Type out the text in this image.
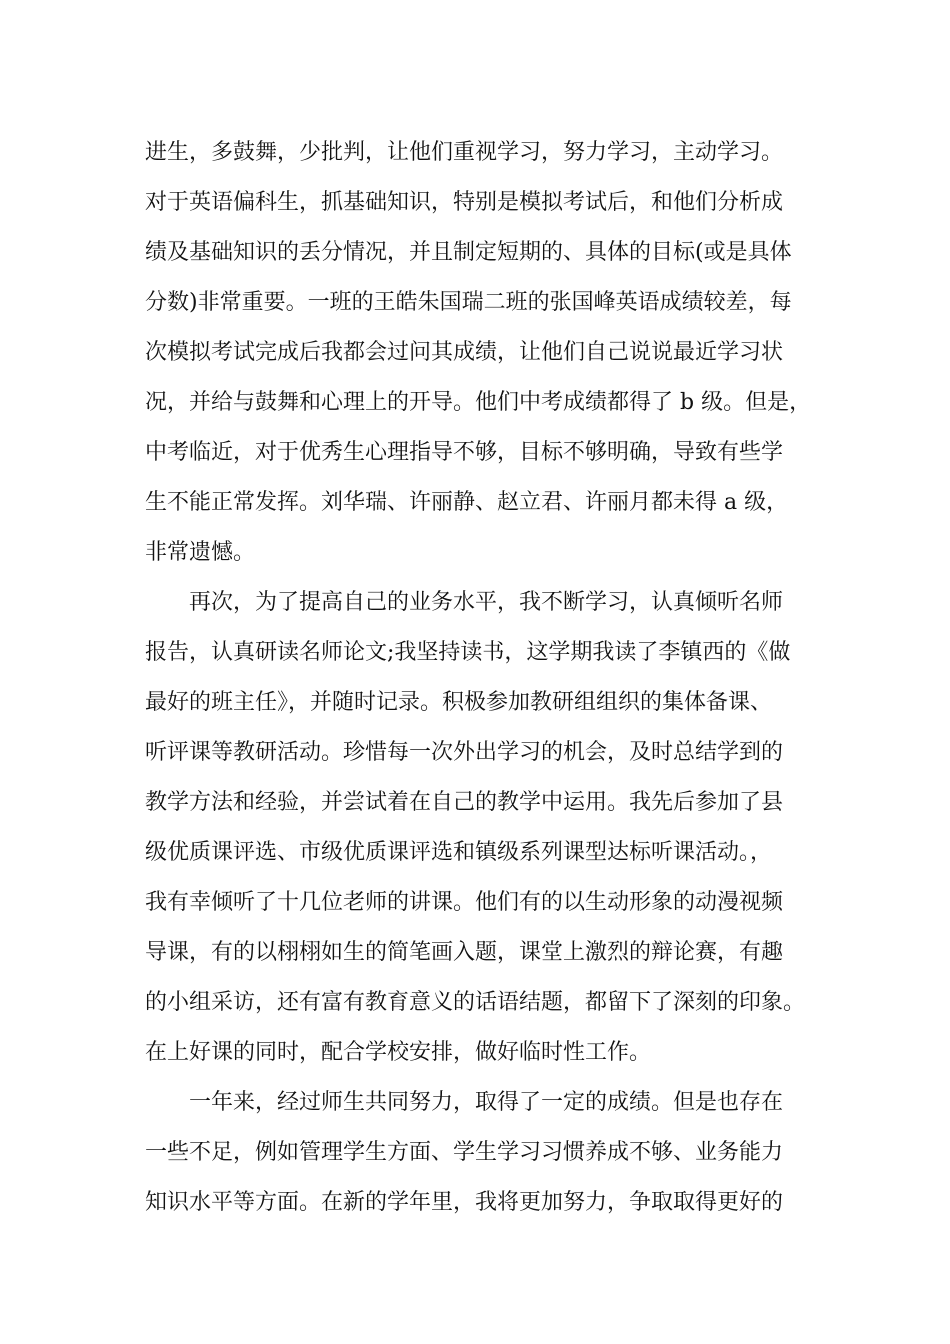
进生，多鼓舞，少批判，让他们重视学习，努力学习，主动学习。
对于英语偏科生，抓基础知识，特别是模拟考试后，和他们分析成
绩及基础知识的丢分情况，并且制定短期的、具体的目标(或是具体
分数)非常重要。一班的王皓朱国瑞二班的张国峰英语成绩较差，每
次模拟考试完成后我都会过问其成绩，让他们自己说说最近学习状
况，并给与鼓舞和心理上的开导。他们中考成绩都得了 b 级。但是，
中考临近，对于优秀生心理指导不够，目标不够明确，导致有些学
生不能正常发挥。刘华瑞、许丽静、赵立君、许丽月都未得 a 级，
非常遗憾。
　　再次，为了提高自己的业务水平，我不断学习，认真倾听名师
报告，认真研读名师论文;我坚持读书，这学期我读了李镇西的《做
最好的班主任》，并随时记录。积极参加教研组组织的集体备课、
听评课等教研活动。珍惜每一次外出学习的机会，及时总结学到的
教学方法和经验，并尝试着在自己的教学中运用。我先后参加了县
级优质课评选、市级优质课评选和镇级系列课型达标听课活动。，
我有幸倾听了十几位老师的讲课。他们有的以生动形象的动漫视频
导课，有的以栩栩如生的简笔画入题，课堂上激烈的辩论赛，有趣
的小组采访，还有富有教育意义的话语结题，都留下了深刻的印象。
在上好课的同时，配合学校安排，做好临时性工作。
　　一年来，经过师生共同努力，取得了一定的成绩。但是也存在
一些不足，例如管理学生方面、学生学习习惯养成不够、业务能力
知识水平等方面。在新的学年里，我将更加努力，争取取得更好的
